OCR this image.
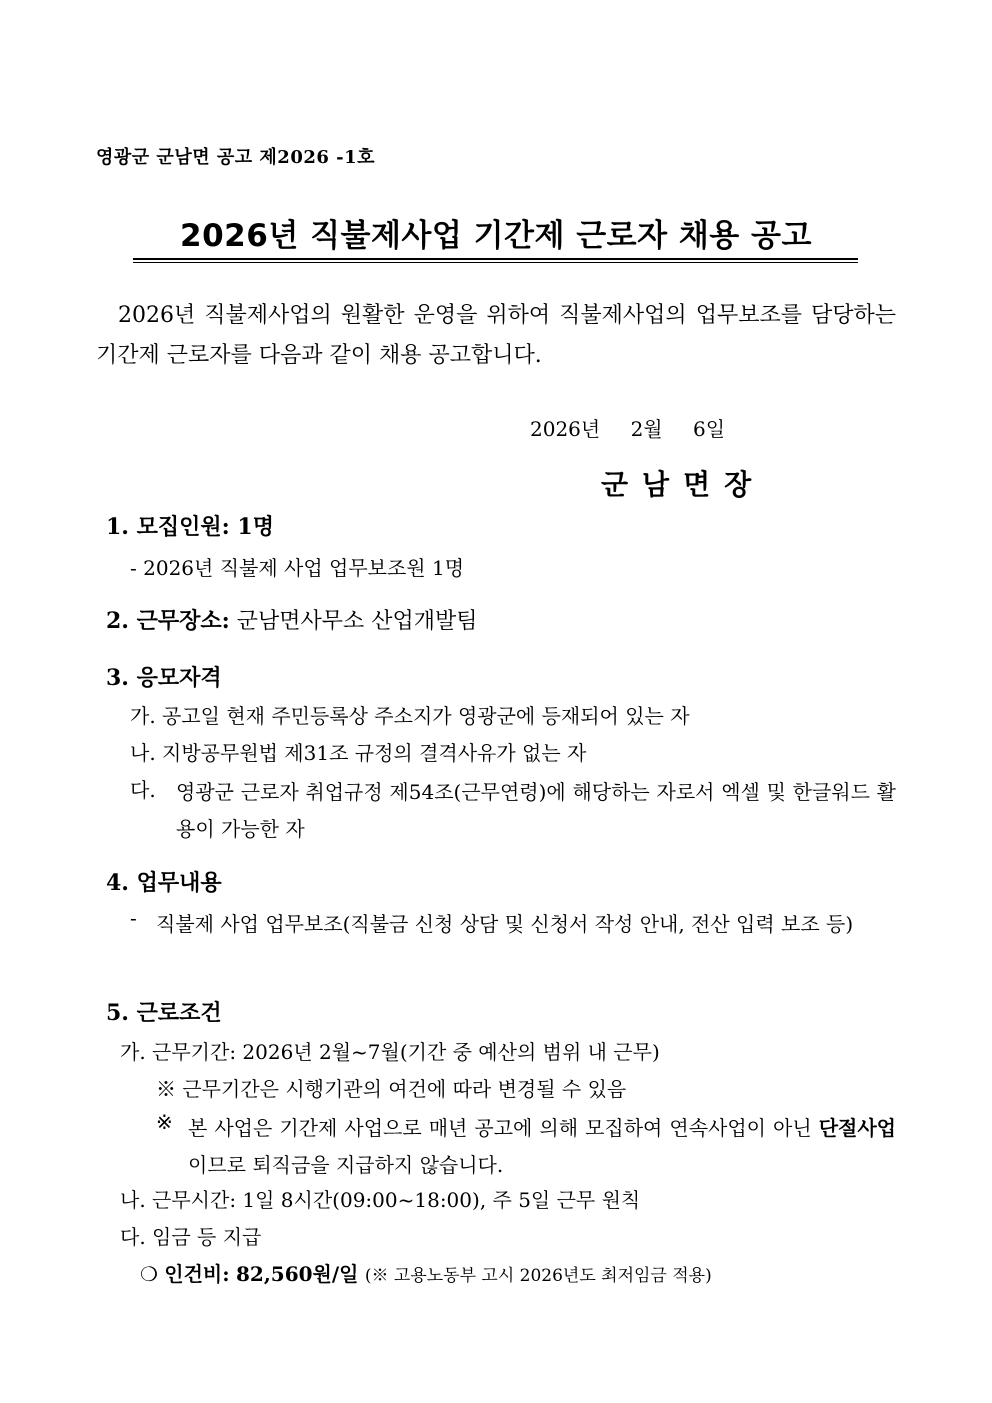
영광군 군남면 공고 제2026 -1호
2026년 직불제사업 기간제 근로자 채용 공고
2026년 직불제사업의 원활한 운영을 위하여 직불제사업의 업무보조를 담당하는 기간제 근로자를 다음과 같이 채용 공고합니다.
2026년 2월 6일
군남면장
1. 모집인원: 1명
- 2026년 직불제 사업 업무보조원 1명
2. 근무장소: 군남면사무소 산업개발팀
3. 응모자격
가. 공고일 현재 주민등록상 주소지가 영광군에 등재되어 있는 자
나. 지방공무원법 제31조 규정의 결격사유가 없는 자
다. 영광군 근로자 취업규정 제54조(근무연령)에 해당하는 자로서 엑셀 및 한글워드 활용이 가능한 자
4. 업무내용
- 직불제 사업 업무보조(직불금 신청 상담 및 신청서 작성 안내, 전산 입력 보조 등)
5. 근로조건
가. 근무기간: 2026년 2월~7월(기간 중 예산의 범위 내 근무)
※ 근무기간은 시행기관의 여건에 따라 변경될 수 있음
※ 본 사업은 기간제 사업으로 매년 공고에 의해 모집하여 연속사업이 아닌 단절사업이므로 퇴직금을 지급하지 않습니다.
나. 근무시간: 1일 8시간(09:00~18:00), 주 5일 근무 원칙
다. 임금 등 지급
❍ 인건비: 82,560원/일 (※ 고용노동부 고시 2026년도 최저임금 적용)
